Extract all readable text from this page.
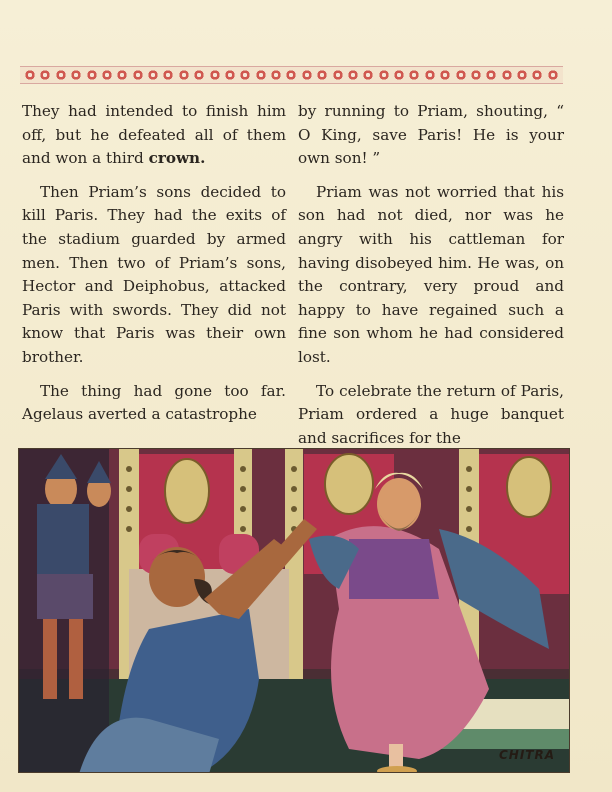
They had intended to finish him off, but he defeated all of them and won a third crown.

Then Priam’s sons decided to kill Paris. They had the exits of the stadium guarded by armed men. Then two of Priam’s sons, Hector and Deiphobus, attacked Paris with swords. They did not know that Paris was their own brother.

The thing had gone too far. Agelaus averted a catastrophe

by running to Priam, shouting, “ O King, save Paris! He is your own son! ”

Priam was not worried that his son had not died, nor was he angry with his cattleman for having disobeyed him. He was, on the contrary, very proud and happy to have regained such a fine son whom he had considered lost.

To celebrate the return of Paris, Priam ordered a huge banquet and sacrifices for the

CHITRA
